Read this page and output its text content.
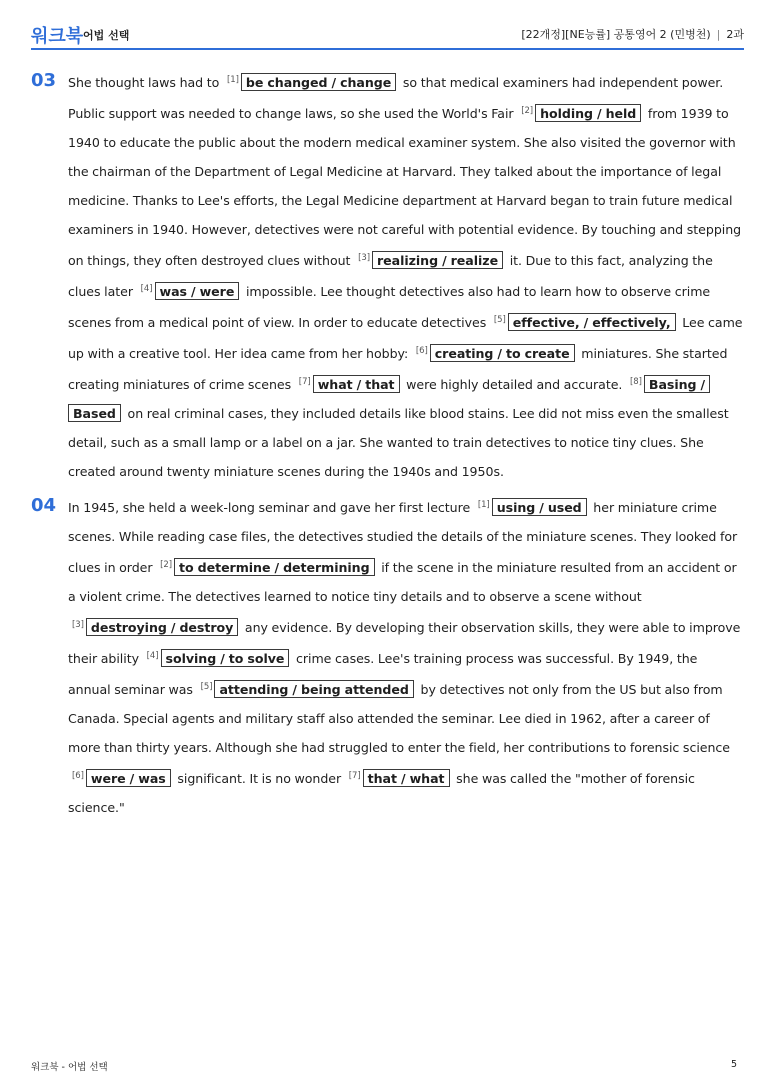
워크북 어법 선택	[22개정][NE능률] 공통영어 2 (민병천) | 2과
03 She thought laws had to [1] be changed / change so that medical examiners had independent power. Public support was needed to change laws, so she used the World's Fair [2] holding / held from 1939 to 1940 to educate the public about the modern medical examiner system. She also visited the governor with the chairman of the Department of Legal Medicine at Harvard. They talked about the importance of legal medicine. Thanks to Lee's efforts, the Legal Medicine department at Harvard began to train future medical examiners in 1940. However, detectives were not careful with potential evidence. By touching and stepping on things, they often destroyed clues without [3] realizing / realize it. Due to this fact, analyzing the clues later [4] was / were impossible. Lee thought detectives also had to learn how to observe crime scenes from a medical point of view. In order to educate detectives [5] effective, / effectively, Lee came up with a creative tool. Her idea came from her hobby: [6] creating / to create miniatures. She started creating miniatures of crime scenes [7] what / that were highly detailed and accurate. [8] Basing / Based on real criminal cases, they included details like blood stains. Lee did not miss even the smallest detail, such as a small lamp or a label on a jar. She wanted to train detectives to notice tiny clues. She created around twenty miniature scenes during the 1940s and 1950s.
04 In 1945, she held a week-long seminar and gave her first lecture [1] using / used her miniature crime scenes. While reading case files, the detectives studied the details of the miniature scenes. They looked for clues in order [2] to determine / determining if the scene in the miniature resulted from an accident or a violent crime. The detectives learned to notice tiny details and to observe a scene without [3] destroying / destroy any evidence. By developing their observation skills, they were able to improve their ability [4] solving / to solve crime cases. Lee's training process was successful. By 1949, the annual seminar was [5] attending / being attended by detectives not only from the US but also from Canada. Special agents and military staff also attended the seminar. Lee died in 1962, after a career of more than thirty years. Although she had struggled to enter the field, her contributions to forensic science [6] were / was significant. It is no wonder [7] that / what she was called the "mother of forensic science."
워크북 - 어법 선택	5
